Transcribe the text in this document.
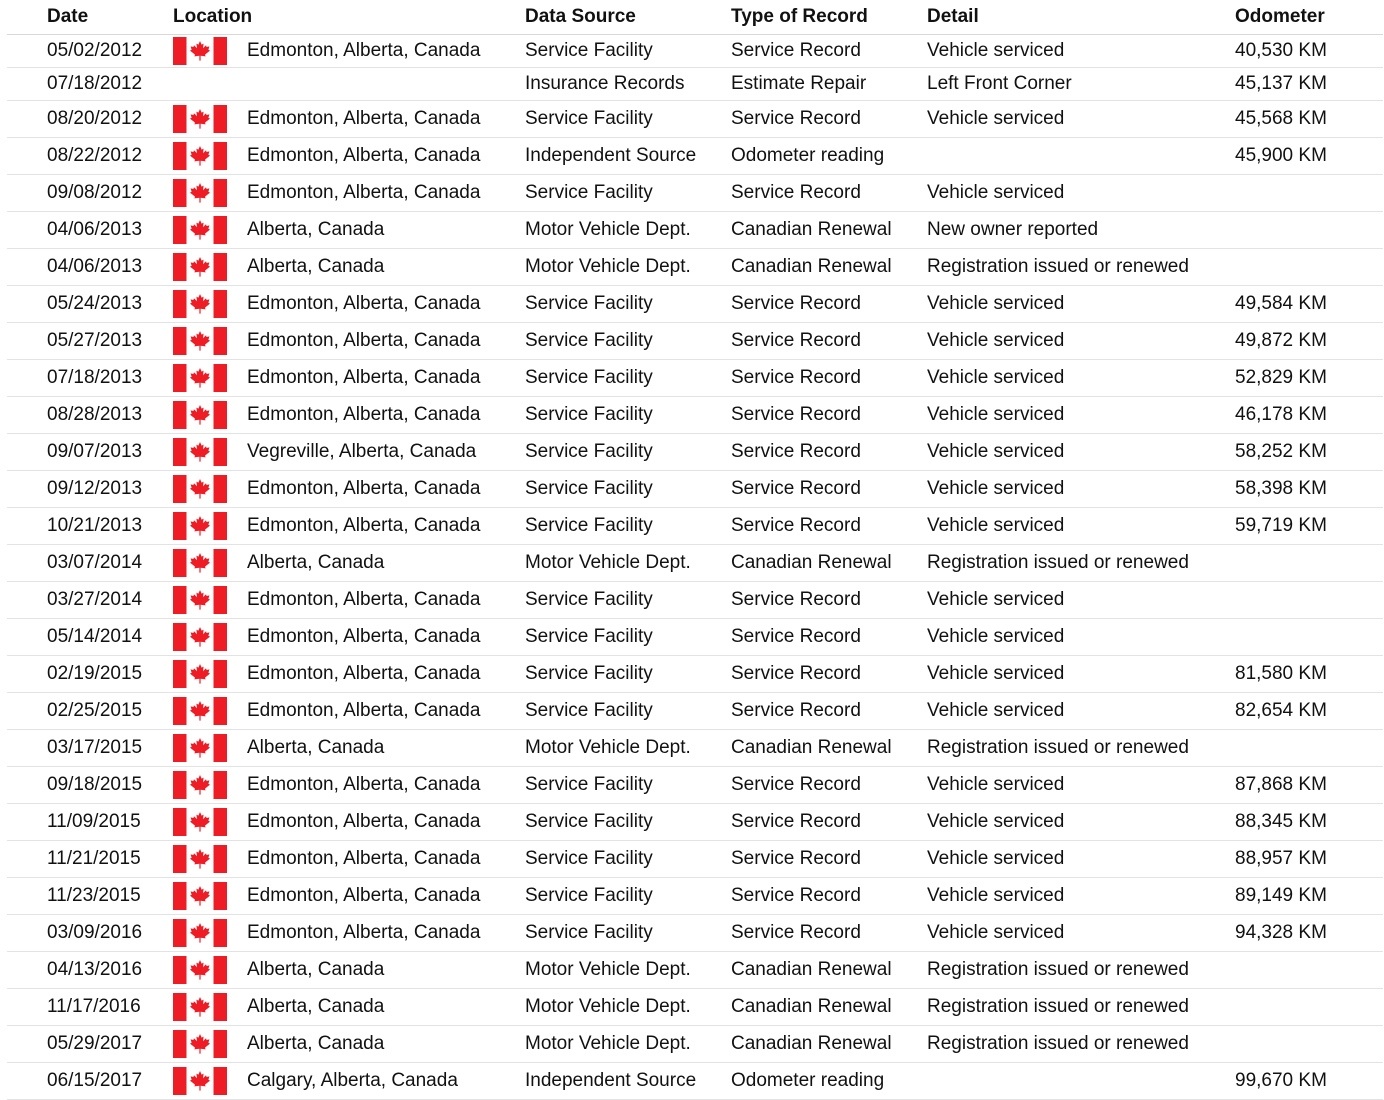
Date	Location	Data Source	Type of Record	Detail	Odometer
05/02/2012	Edmonton, Alberta, Canada	Service Facility	Service Record	Vehicle serviced	40,530 KM
07/18/2012		Insurance Records	Estimate Repair	Left Front Corner	45,137 KM
08/20/2012	Edmonton, Alberta, Canada	Service Facility	Service Record	Vehicle serviced	45,568 KM
08/22/2012	Edmonton, Alberta, Canada	Independent Source	Odometer reading		45,900 KM
09/08/2012	Edmonton, Alberta, Canada	Service Facility	Service Record	Vehicle serviced	
04/06/2013	Alberta, Canada	Motor Vehicle Dept.	Canadian Renewal	New owner reported	
04/06/2013	Alberta, Canada	Motor Vehicle Dept.	Canadian Renewal	Registration issued or renewed	
05/24/2013	Edmonton, Alberta, Canada	Service Facility	Service Record	Vehicle serviced	49,584 KM
05/27/2013	Edmonton, Alberta, Canada	Service Facility	Service Record	Vehicle serviced	49,872 KM
07/18/2013	Edmonton, Alberta, Canada	Service Facility	Service Record	Vehicle serviced	52,829 KM
08/28/2013	Edmonton, Alberta, Canada	Service Facility	Service Record	Vehicle serviced	46,178 KM
09/07/2013	Vegreville, Alberta, Canada	Service Facility	Service Record	Vehicle serviced	58,252 KM
09/12/2013	Edmonton, Alberta, Canada	Service Facility	Service Record	Vehicle serviced	58,398 KM
10/21/2013	Edmonton, Alberta, Canada	Service Facility	Service Record	Vehicle serviced	59,719 KM
03/07/2014	Alberta, Canada	Motor Vehicle Dept.	Canadian Renewal	Registration issued or renewed	
03/27/2014	Edmonton, Alberta, Canada	Service Facility	Service Record	Vehicle serviced	
05/14/2014	Edmonton, Alberta, Canada	Service Facility	Service Record	Vehicle serviced	
02/19/2015	Edmonton, Alberta, Canada	Service Facility	Service Record	Vehicle serviced	81,580 KM
02/25/2015	Edmonton, Alberta, Canada	Service Facility	Service Record	Vehicle serviced	82,654 KM
03/17/2015	Alberta, Canada	Motor Vehicle Dept.	Canadian Renewal	Registration issued or renewed	
09/18/2015	Edmonton, Alberta, Canada	Service Facility	Service Record	Vehicle serviced	87,868 KM
11/09/2015	Edmonton, Alberta, Canada	Service Facility	Service Record	Vehicle serviced	88,345 KM
11/21/2015	Edmonton, Alberta, Canada	Service Facility	Service Record	Vehicle serviced	88,957 KM
11/23/2015	Edmonton, Alberta, Canada	Service Facility	Service Record	Vehicle serviced	89,149 KM
03/09/2016	Edmonton, Alberta, Canada	Service Facility	Service Record	Vehicle serviced	94,328 KM
04/13/2016	Alberta, Canada	Motor Vehicle Dept.	Canadian Renewal	Registration issued or renewed	
11/17/2016	Alberta, Canada	Motor Vehicle Dept.	Canadian Renewal	Registration issued or renewed	
05/29/2017	Alberta, Canada	Motor Vehicle Dept.	Canadian Renewal	Registration issued or renewed	
06/15/2017	Calgary, Alberta, Canada	Independent Source	Odometer reading		99,670 KM
